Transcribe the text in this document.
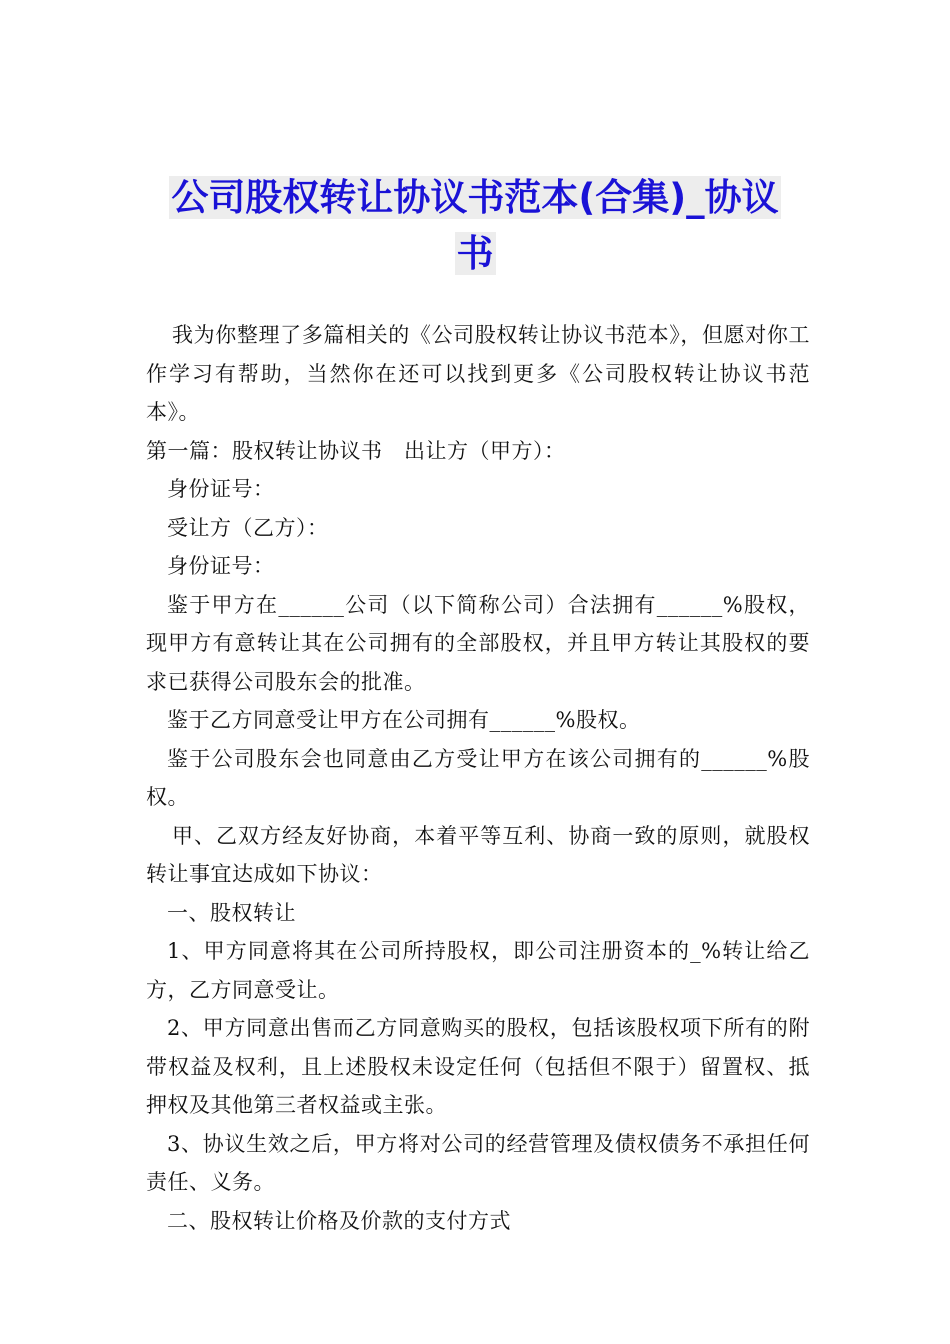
公司股权转让协议书范本(合集)_协议
书

我为你整理了多篇相关的《公司股权转让协议书范本》，但愿对你工作学习有帮助，当然你在还可以找到更多《公司股权转让协议书范本》。

第一篇：股权转让协议书　出让方（甲方）：

身份证号：

受让方（乙方）：

身份证号：

鉴于甲方在______公司（以下简称公司）合法拥有______%股权，现甲方有意转让其在公司拥有的全部股权，并且甲方转让其股权的要求已获得公司股东会的批准。

鉴于乙方同意受让甲方在公司拥有______%股权。

鉴于公司股东会也同意由乙方受让甲方在该公司拥有的______%股权。

甲、乙双方经友好协商，本着平等互利、协商一致的原则，就股权转让事宜达成如下协议：

一、股权转让

1、甲方同意将其在公司所持股权，即公司注册资本的_%转让给乙方，乙方同意受让。

2、甲方同意出售而乙方同意购买的股权，包括该股权项下所有的附带权益及权利，且上述股权未设定任何（包括但不限于）留置权、抵押权及其他第三者权益或主张。

3、协议生效之后，甲方将对公司的经营管理及债权债务不承担任何责任、义务。

二、股权转让价格及价款的支付方式
